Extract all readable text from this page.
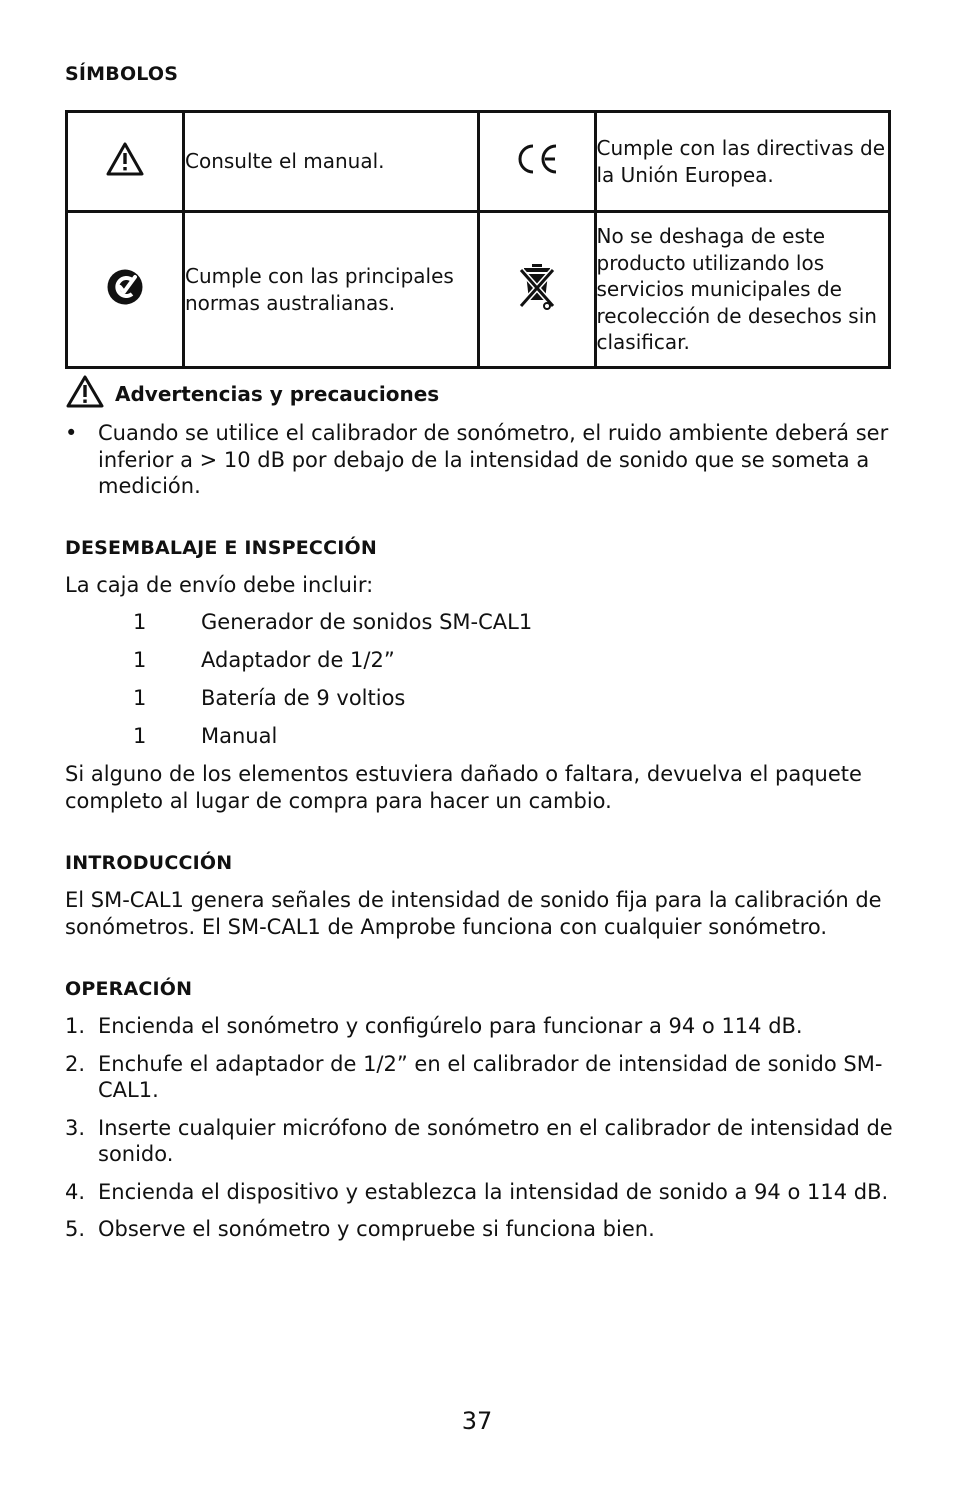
SÍMBOLOS
	Consulte el manual.		Cumple con las directivas de la Unión Europea.
	Cumple con las principales normas australianas.		No se deshaga de este producto utilizando los servicios municipales de recolección de desechos sin clasificar.
Advertencias y precauciones
• Cuando se utilice el calibrador de sonómetro, el ruido ambiente deberá ser inferior a > 10 dB por debajo de la intensidad de sonido que se someta a medición.
DESEMBALAJE E INSPECCIÓN
La caja de envío debe incluir:
1	Generador de sonidos SM-CAL1
1	Adaptador de 1/2”
1	Batería de 9 voltios
1	Manual
Si alguno de los elementos estuviera dañado o faltara, devuelva el paquete completo al lugar de compra para hacer un cambio.
INTRODUCCIÓN
El SM-CAL1 genera señales de intensidad de sonido fija para la calibración de sonómetros. El SM-CAL1 de Amprobe funciona con cualquier sonómetro.
OPERACIÓN
1. Encienda el sonómetro y configúrelo para funcionar a 94 o 114 dB.
2. Enchufe el adaptador de 1/2” en el calibrador de intensidad de sonido SM-CAL1.
3. Inserte cualquier micrófono de sonómetro en el calibrador de intensidad de sonido.
4. Encienda el dispositivo y establezca la intensidad de sonido a 94 o 114 dB.
5. Observe el sonómetro y compruebe si funciona bien.
37
